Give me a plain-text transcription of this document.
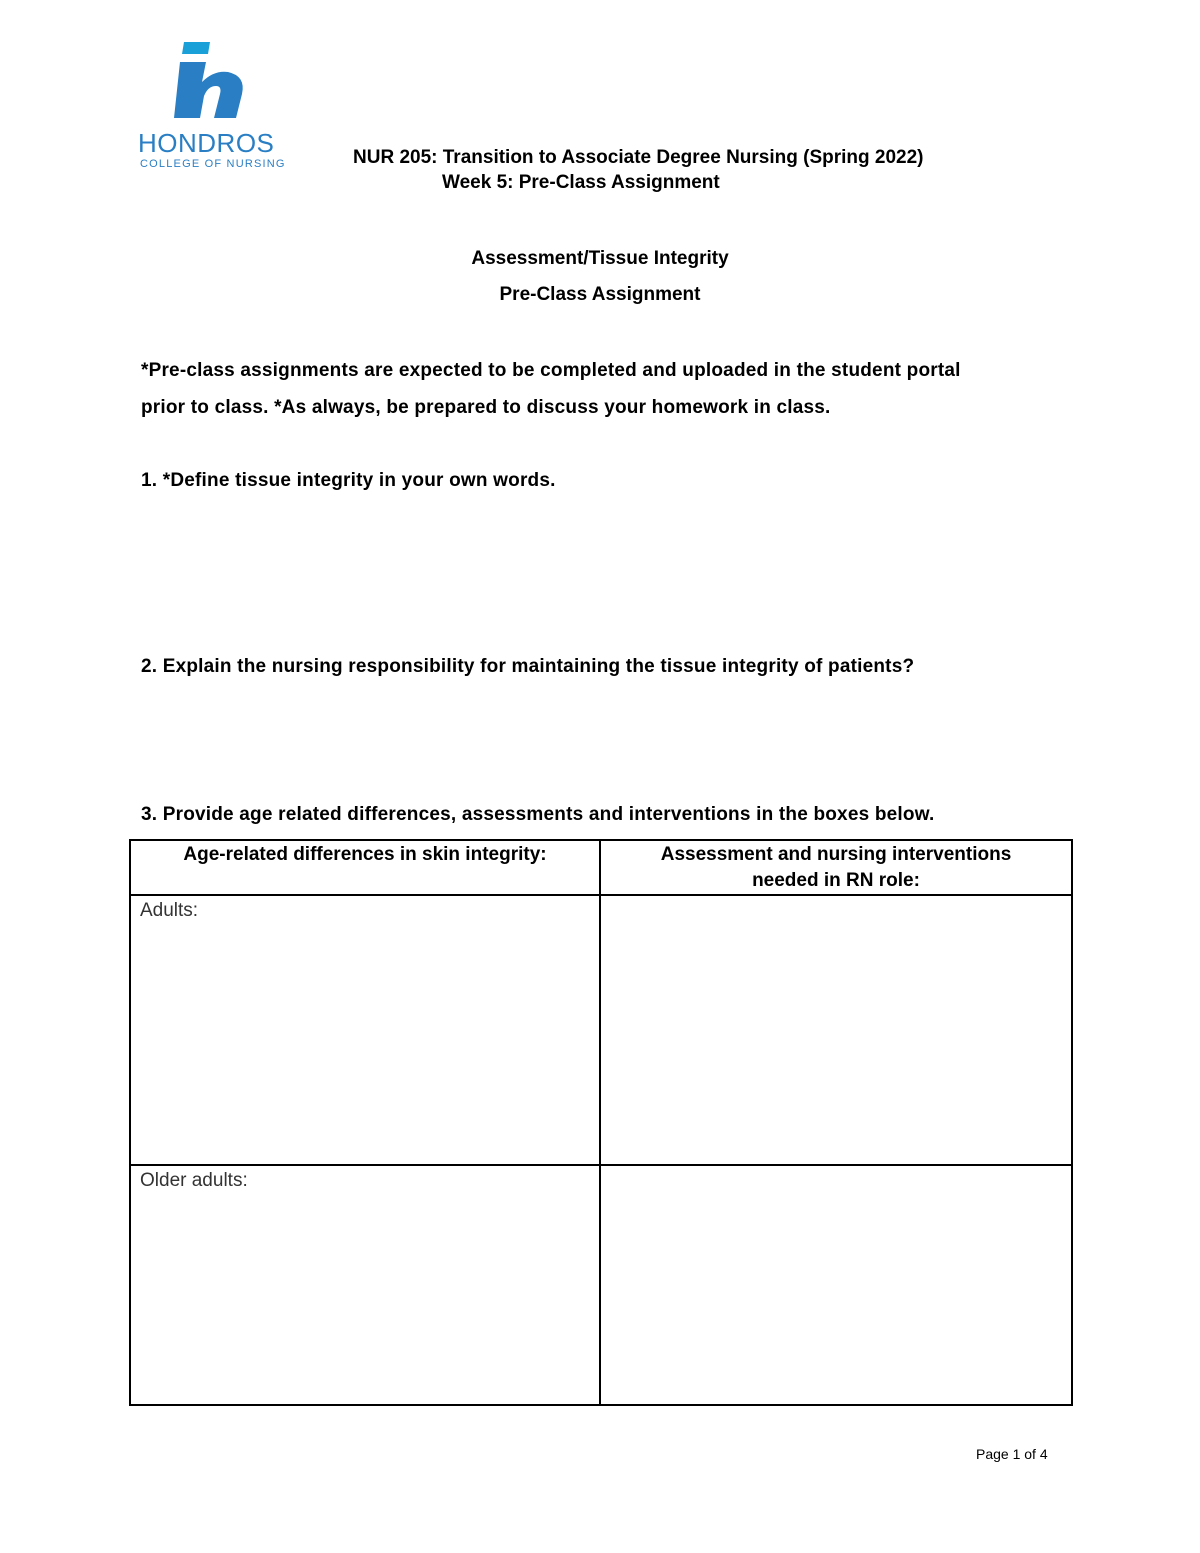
HONDROS
COLLEGE OF NURSING	NUR 205: Transition to Associate Degree Nursing (Spring 2022)
Week 5: Pre-Class Assignment
Assessment/Tissue Integrity
Pre-Class Assignment
*Pre-class assignments are expected to be completed and uploaded in the student portal
prior to class. *As always, be prepared to discuss your homework in class.
1. *Define tissue integrity in your own words.
2. Explain the nursing responsibility for maintaining the tissue integrity of patients?
3. Provide age related differences, assessments and interventions in the boxes below.
Age-related differences in skin integrity:	Assessment and nursing interventions
needed in RN role:

Adults:	
Older adults:	
Page 1 of 4
